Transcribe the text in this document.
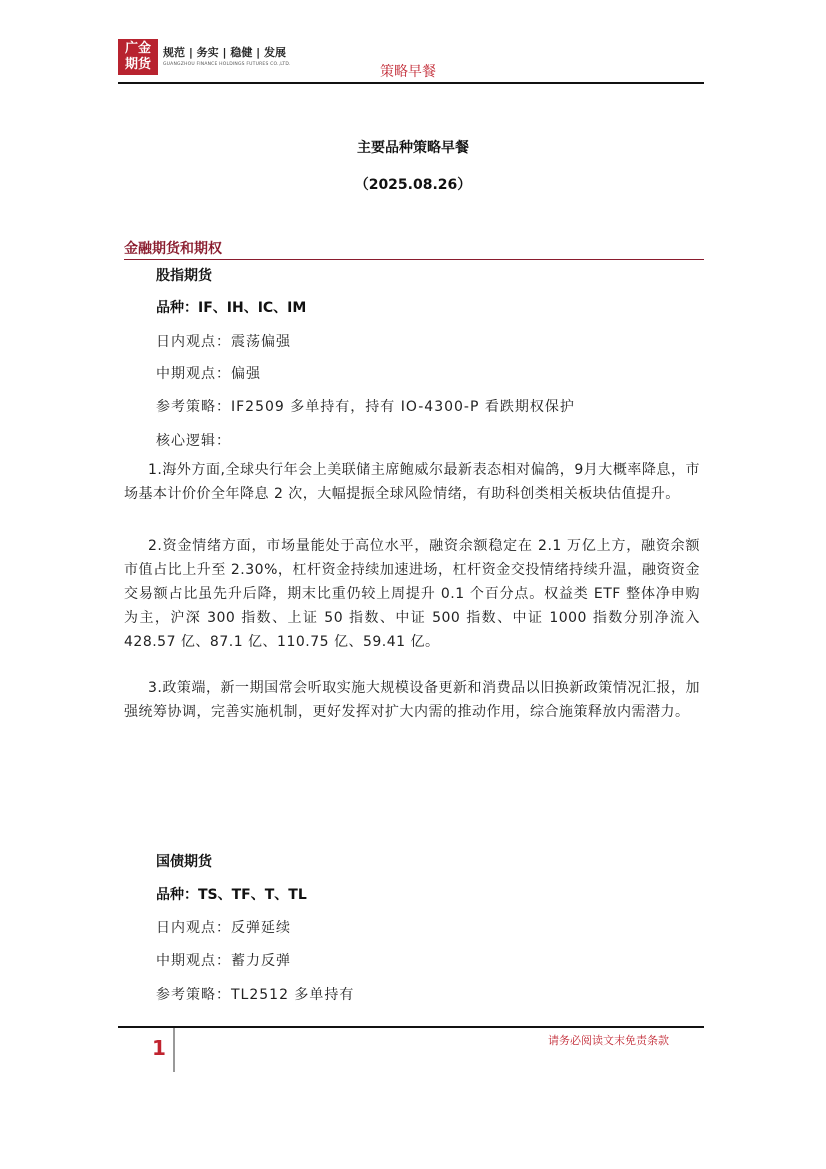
广金
期货
规范 | 务实 | 稳健 | 发展
GUANGZHOU FINANCE HOLDINGS FUTURES CO.,LTD.	策略早餐
主要品种策略早餐
（2025.08.26）
金融期货和期权
股指期货
品种：IF、IH、IC、IM
日内观点：震荡偏强
中期观点：偏强
参考策略：IF2509 多单持有，持有 IO-4300-P 看跌期权保护
核心逻辑：
1.海外方面,全球央行年会上美联储主席鲍威尔最新表态相对偏鸽，9月大概率降息，市场基本计价价全年降息 2 次，大幅提振全球风险情绪，有助科创类相关板块估值提升。
2.资金情绪方面，市场量能处于高位水平，融资余额稳定在 2.1 万亿上方，融资余额市值占比上升至 2.30%，杠杆资金持续加速进场，杠杆资金交投情绪持续升温，融资资金交易额占比虽先升后降，期末比重仍较上周提升 0.1 个百分点。权益类 ETF 整体净申购为主，沪深 300 指数、上证 50 指数、中证 500 指数、中证 1000 指数分别净流入 428.57 亿、87.1 亿、110.75 亿、59.41 亿。
3.政策端，新一期国常会听取实施大规模设备更新和消费品以旧换新政策情况汇报，加强统筹协调，完善实施机制，更好发挥对扩大内需的推动作用，综合施策释放内需潜力。
国债期货
品种：TS、TF、T、TL
日内观点：反弹延续
中期观点：蓄力反弹
参考策略：TL2512 多单持有
1	请务必阅读文末免责条款
